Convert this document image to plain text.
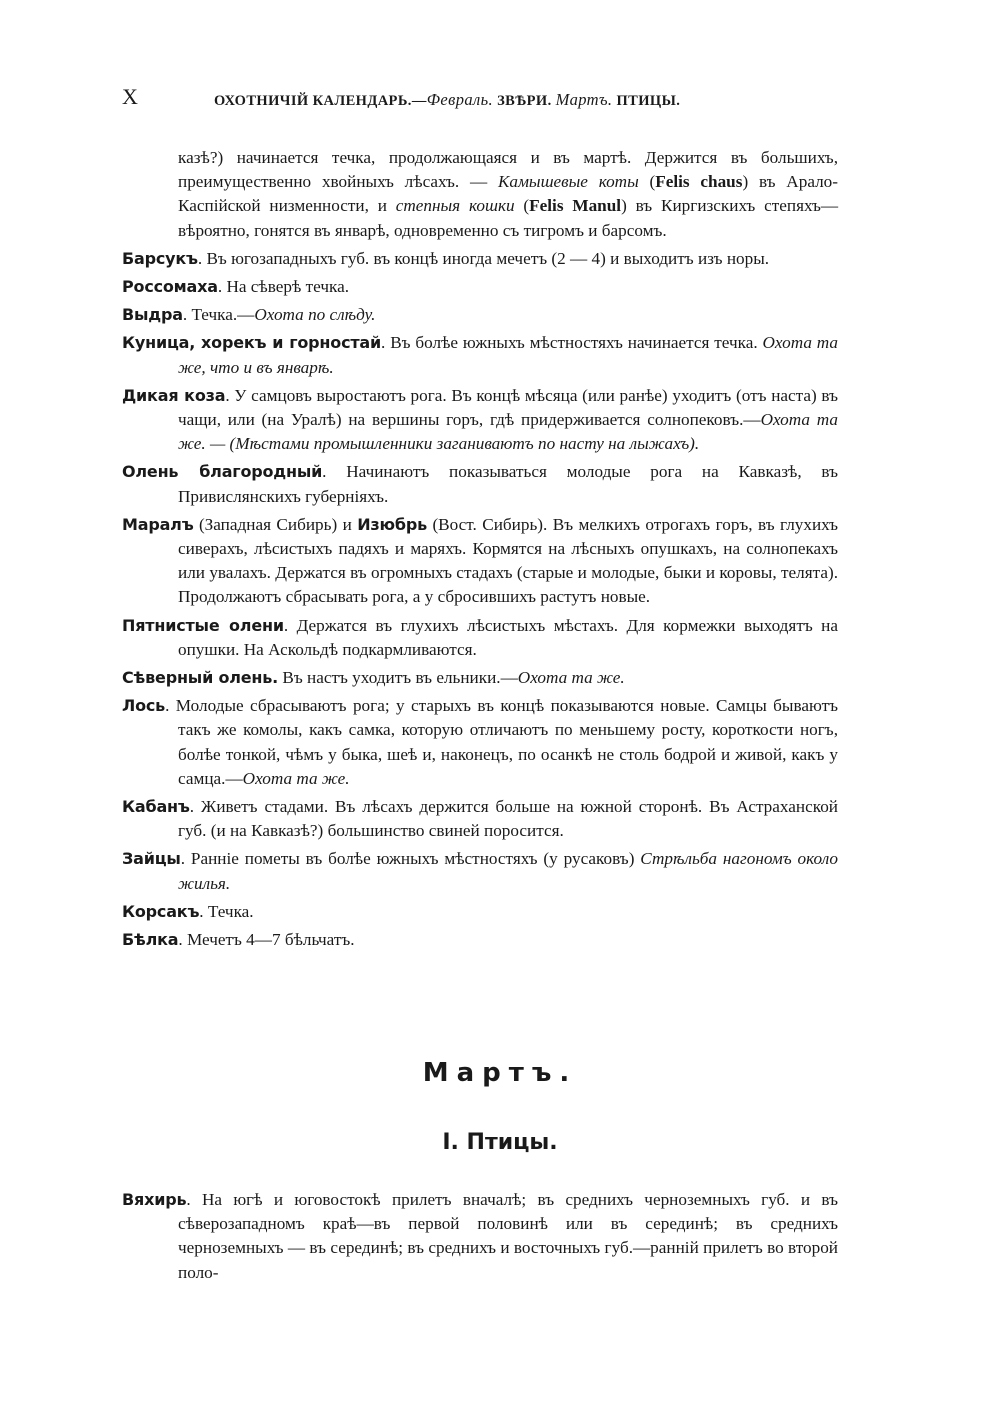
X	ОХОТНИЧІЙ КАЛЕНДАРЬ.—Февраль. ЗВѢРИ. Мартъ. ПТИЦЫ.

казѣ?) начинается течка, продолжающаяся и въ мартѣ. Держится въ большихъ, преимущественно хвойныхъ лѣсахъ. — Камышевые коты (Felis chaus) въ Арало-Каспійской низменности, и степныя кошки (Felis Manul) въ Киргизскихъ степяхъ—вѣроятно, гонятся въ январѣ, одновременно съ тигромъ и барсомъ.

Барсукъ. Въ югозападныхъ губ. въ концѣ иногда мечетъ (2 — 4) и выходитъ изъ норы.

Россомаха. На сѣверѣ течка.

Выдра. Течка.—Охота по слѣду.

Куница, хорекъ и горностай. Въ болѣе южныхъ мѣстностяхъ начинается течка. Охота та же, что и въ январѣ.

Дикая коза. У самцовъ выростаютъ рога. Въ концѣ мѣсяца (или ранѣе) уходитъ (отъ наста) въ чащи, или (на Уралѣ) на вершины горъ, гдѣ придерживается солнопековъ.—Охота та же. — (Мѣстами промышленники заганиваютъ по насту на лыжахъ).

Олень благородный. Начинаютъ показываться молодые рога на Кавказѣ, въ Привислянскихъ губерніяхъ.

Маралъ (Западная Сибирь) и Изюбрь (Вост. Сибирь). Въ мелкихъ отрогахъ горъ, въ глухихъ сиверахъ, лѣсистыхъ падяхъ и маряхъ. Кормятся на лѣсныхъ опушкахъ, на солнопекахъ или увалахъ. Держатся въ огромныхъ стадахъ (старые и молодые, быки и коровы, телята). Продолжаютъ сбрасывать рога, а у сбросившихъ растутъ новые.

Пятнистые олени. Держатся въ глухихъ лѣсистыхъ мѣстахъ. Для кормежки выходятъ на опушки. На Аскольдѣ подкармливаются.

Сѣверный олень. Въ настъ уходитъ въ ельники.—Охота та же.

Лось. Молодые сбрасываютъ рога; у старыхъ въ концѣ показываются новые. Самцы бываютъ такъ же комолы, какъ самка, которую отличаютъ по меньшему росту, короткости ногъ, болѣе тонкой, чѣмъ у быка, шеѣ и, наконецъ, по осанкѣ не столь бодрой и живой, какъ у самца.—Охота та же.

Кабанъ. Живетъ стадами. Въ лѣсахъ держится больше на южной сторонѣ. Въ Астраханской губ. (и на Кавказѣ?) большинство свиней поросится.

Зайцы. Ранніе пометы въ болѣе южныхъ мѣстностяхъ (у русаковъ) Стрѣльба нагономъ около жилья.

Корсакъ. Течка.

Бѣлка. Мечетъ 4—7 бѣльчатъ.

Мартъ.
I. Птицы.

Вяхирь. На югѣ и юговостокѣ прилетъ вначалѣ; въ среднихъ черноземныхъ губ. и въ сѣверозападномъ краѣ—въ первой половинѣ или въ серединѣ; въ среднихъ черноземныхъ — въ серединѣ; въ среднихъ и восточныхъ губ.—ранній прилетъ во второй поло-
